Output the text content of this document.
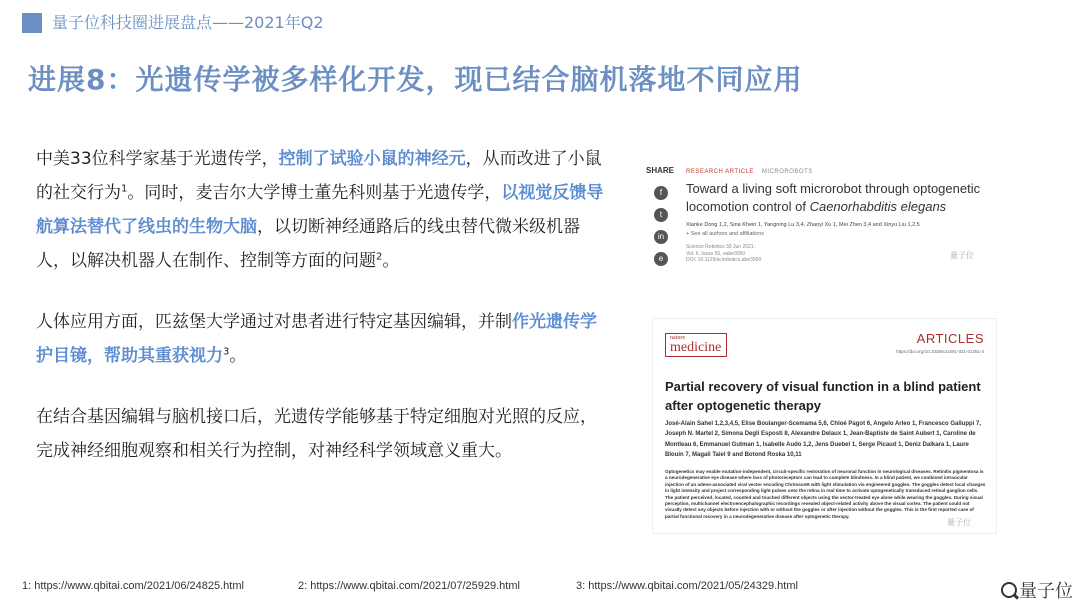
量子位科技圈进展盘点——2021年Q2
进展8：光遗传学被多样化开发，现已结合脑机落地不同应用
中美33位科学家基于光遗传学，控制了试验小鼠的神经元，从而改进了小鼠的社交行为$^1$。同时，麦吉尔大学博士董先科则基于光遗传学，以视觉反馈导航算法替代了线虫的生物大脑，以切断神经通路后的线虫替代微米级机器人，以解决机器人在制作、控制等方面的问题$^2$。
人体应用方面，匹兹堡大学通过对患者进行特定基因编辑，并制作光遗传学护目镜，帮助其重获视力$^3$。
在结合基因编辑与脑机接口后，光遗传学能够基于特定细胞对光照的反应，完成神经细胞观察和相关行为控制，对神经科学领域意义重大。
SHARE
f
t
in
e
RESEARCH ARTICLE MICROROBOTS
Toward a living soft microrobot through optogenetic locomotion control of Caenorhabditis elegans
Xianke Dong 1,2, Sina Kheiri 1, Yangning Lu 3,4, Zhaoyi Xu 1, Mei Zhen 3,4 and Xinyu Liu 1,2,5
+ See all authors and affiliations
Science Robotics 30 Jun 2021:
Vol. 6, Issue 55, eabe3950
DOI: 10.1126/scirobotics.abe3950	量子位
nature
medicine
ARTICLES
https://doi.org/10.1038/s41591-021-01351-4
Partial recovery of visual function in a blind patient after optogenetic therapy
José-Alain Sahel 1,2,3,4,5, Elise Boulanger-Scemama 5,6, Chloé Pagot 6, Angelo Arleo 1, Francesco Galluppi 7, Joseph N. Martel 2, Simona Degli Esposti 8, Alexandre Delaux 1, Jean-Baptiste de Saint Aubert 1, Caroline de Montleau 6, Emmanuel Gutman 1, Isabelle Audo 1,2, Jens Duebel 1, Serge Picaud 1, Deniz Dalkara 1, Laure Blouin 7, Magali Taiel 9 and Botond Roska 10,11
Optogenetics may enable mutation-independent, circuit-specific restoration of neuronal function in neurological diseases. Retinitis pigmentosa is a neurodegenerative eye disease where loss of photoreceptors can lead to complete blindness. In a blind patient, we combined intraocular injection of an adeno-associated viral vector encoding ChrimsonR with light stimulation via engineered goggles. The goggles detect local changes in light intensity and project corresponding light pulses onto the retina in real time to activate optogenetically transduced retinal ganglion cells. The patient perceived, located, counted and touched different objects using the vector-treated eye alone while wearing the goggles. During visual perception, multichannel electroencephalographic recordings revealed object-related activity above the visual cortex. The patient could not visually detect any objects before injection with or without the goggles or after injection without the goggles. This is the first reported case of partial functional recovery in a neurodegenerative disease after optogenetic therapy.
量子位
1: https://www.qbitai.com/2021/06/24825.html	2: https://www.qbitai.com/2021/07/25929.html	3: https://www.qbitai.com/2021/05/24329.html	量子位
